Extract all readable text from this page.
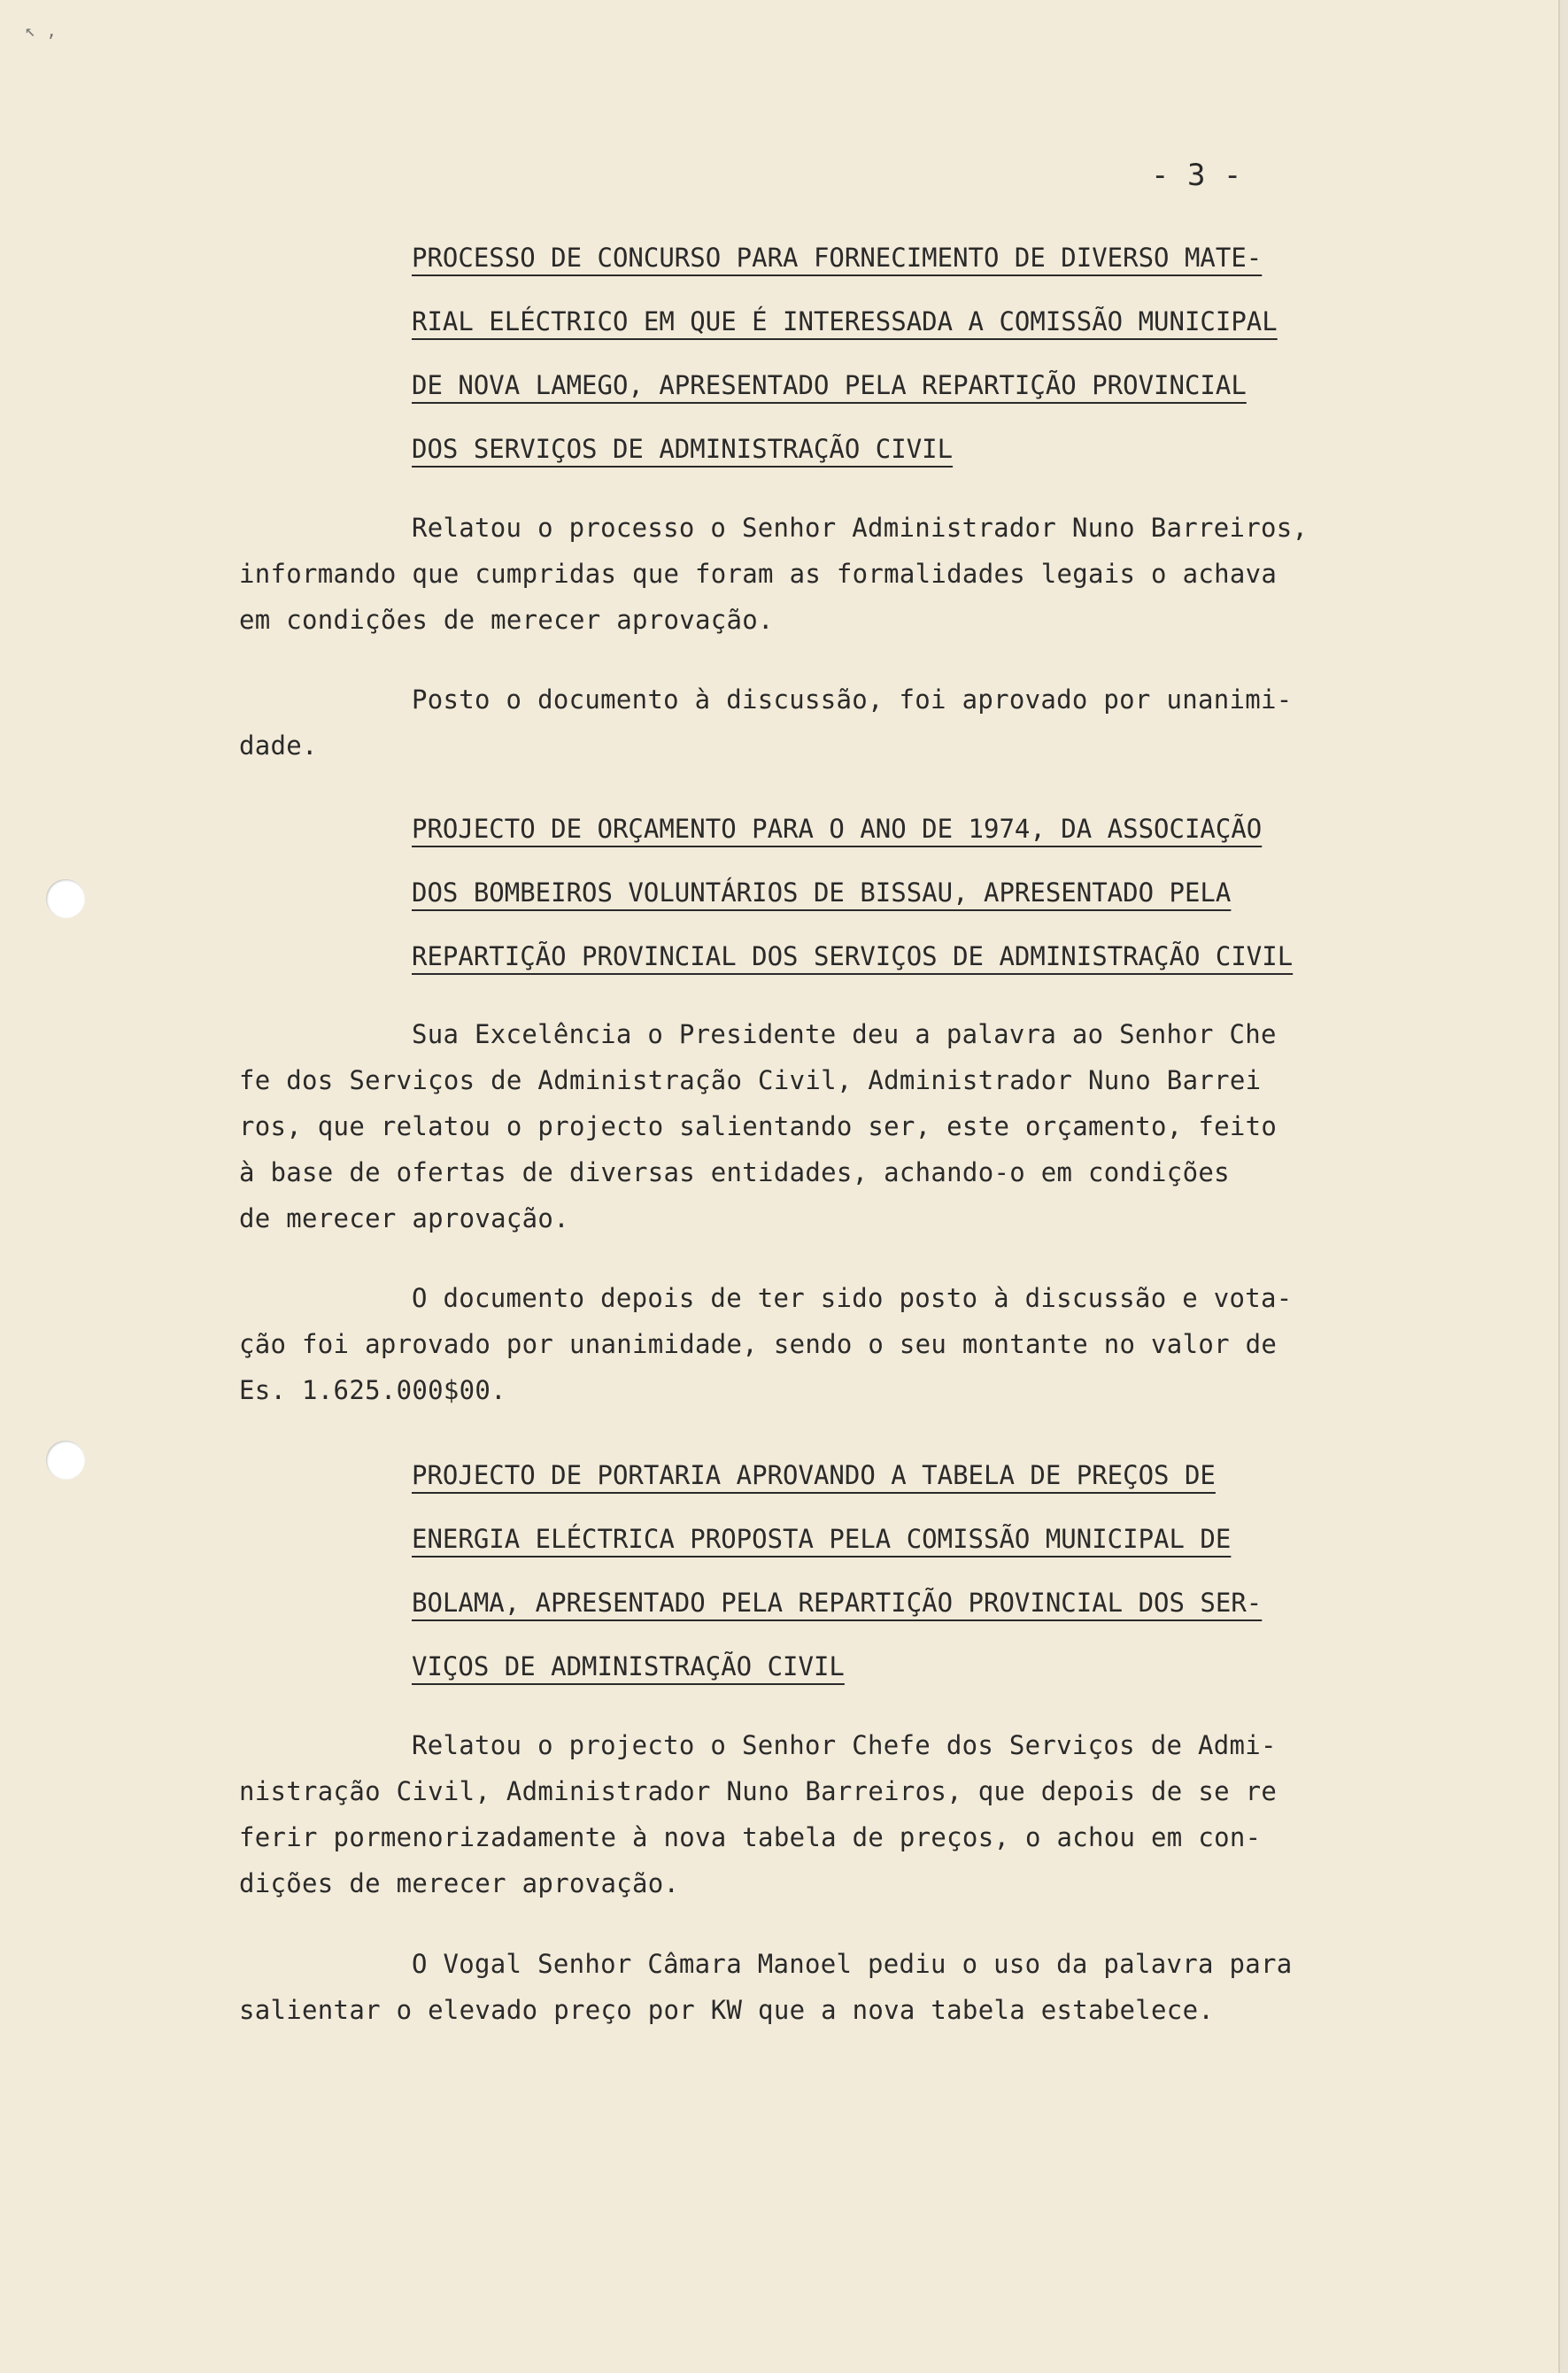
↖ ,
- 3 -
PROCESSO DE CONCURSO PARA FORNECIMENTO DE DIVERSO MATE-
RIAL ELÉCTRICO EM QUE É INTERESSADA A COMISSÃO MUNICIPAL
DE NOVA LAMEGO, APRESENTADO PELA REPARTIÇÃO PROVINCIAL
DOS SERVIÇOS DE ADMINISTRAÇÃO CIVIL
Relatou o processo o Senhor Administrador Nuno Barreiros,
informando que cumpridas que foram as formalidades legais o achava
em condições de merecer aprovação.
Posto o documento à discussão, foi aprovado por unanimi-
dade.
PROJECTO DE ORÇAMENTO PARA O ANO DE 1974, DA ASSOCIAÇÃO
DOS BOMBEIROS VOLUNTÁRIOS DE BISSAU, APRESENTADO PELA
REPARTIÇÃO PROVINCIAL DOS SERVIÇOS DE ADMINISTRAÇÃO CIVIL
Sua Excelência o Presidente deu a palavra ao Senhor Che
fe dos Serviços de Administração Civil, Administrador Nuno Barrei
ros, que relatou o projecto salientando ser, este orçamento, feito
à base de ofertas de diversas entidades, achando-o em condições
de merecer aprovação.
O documento depois de ter sido posto à discussão e vota-
ção foi aprovado por unanimidade, sendo o seu montante no valor de
Es. 1.625.000$00.
PROJECTO DE PORTARIA APROVANDO A TABELA DE PREÇOS DE
ENERGIA ELÉCTRICA PROPOSTA PELA COMISSÃO MUNICIPAL DE
BOLAMA, APRESENTADO PELA REPARTIÇÃO PROVINCIAL DOS SER-
VIÇOS DE ADMINISTRAÇÃO CIVIL
Relatou o projecto o Senhor Chefe dos Serviços de Admi-
nistração Civil, Administrador Nuno Barreiros, que depois de se re
ferir pormenorizadamente à nova tabela de preços, o achou em con-
dições de merecer aprovação.
O Vogal Senhor Câmara Manoel pediu o uso da palavra para
salientar o elevado preço por KW que a nova tabela estabelece.
